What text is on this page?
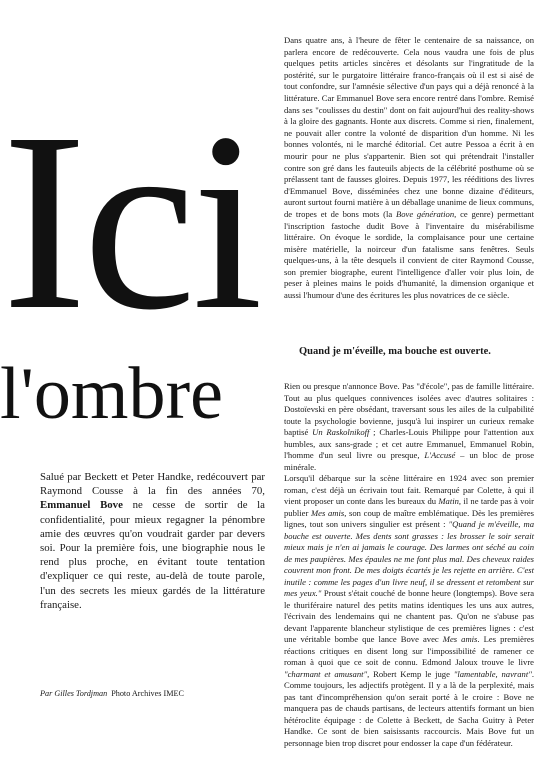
Ici
l'ombre

Dans quatre ans, à l'heure de fêter le centenaire de sa naissance, on parlera encore de redécouverte. Cela nous vaudra une fois de plus quelques petits articles sincères et désolants sur l'ingratitude de la postérité, sur le purgatoire littéraire franco-français où il est si aisé de tout confondre, sur l'amnésie sélective d'un pays qui a déjà renoncé à la littérature. Car Emmanuel Bove sera encore rentré dans l'ombre. Remisé dans ses "coulisses du destin" dont on fait aujourd'hui des reality-shows à la gloire des gagnants. Honte aux discrets. Comme si rien, finalement, ne pouvait aller contre la volonté de disparition d'un homme. Ni les bonnes volontés, ni le marché éditorial. Cet autre Pessoa a écrit à en mourir pour ne plus s'appartenir. Bien sot qui prétendrait l'installer contre son gré dans les fauteuils abjects de la célébrité posthume où se prélassent tant de fausses gloires. Depuis 1977, les rééditions des livres d'Emmanuel Bove, disséminées chez une bonne dizaine d'éditeurs, auront surtout fourni matière à un déballage unanime de lieux communs, de tropes et de bons mots (la Bove génération, ce genre) permettant l'inscription fastoche dudit Bove à l'inventaire du misérabilisme littéraire. On évoque le sordide, la complaisance pour une certaine misère matérielle, la noirceur d'un fatalisme sans fenêtres. Seuls quelques-uns, à la tête desquels il convient de citer Raymond Cousse, son premier biographe, eurent l'intelligence d'aller voir plus loin, de peser à pleines mains le poids d'humanité, la dimension organique et aussi l'humour d'une des écritures les plus novatrices de ce siècle.

Quand je m'éveille, ma bouche est ouverte.

Rien ou presque n'annonce Bove. Pas "d'école", pas de famille littéraire. Tout au plus quelques connivences isolées avec d'autres solitaires : Dostoïevski en père obsédant, traversant sous les ailes de la culpabilité toute la psychologie bovienne, jusqu'à lui inspirer un curieux remake baptisé Un Raskolnikoff ; Charles-Louis Philippe pour l'attention aux humbles, aux sans-grade ; et cet autre Emmanuel, Emmanuel Robin, l'homme d'un seul livre ou presque, L'Accusé – un bloc de prose minérale.

Lorsqu'il débarque sur la scène littéraire en 1924 avec son premier roman, c'est déjà un écrivain tout fait. Remarqué par Colette, à qui il vient proposer un conte dans les bureaux du Matin, il ne tarde pas à voir publier Mes amis, son coup de maître emblématique. Dès les premières lignes, tout son univers singulier est présent : "Quand je m'éveille, ma bouche est ouverte. Mes dents sont grasses : les brosser le soir serait mieux mais je n'en ai jamais le courage. Des larmes ont séché au coin de mes paupières. Mes épaules ne me font plus mal. Des cheveux raides couvrent mon front. De mes doigts écartés je les rejette en arrière. C'est inutile : comme les pages d'un livre neuf, il se dressent et retombent sur mes yeux." Proust s'était couché de bonne heure (longtemps). Bove sera le thuriféraire naturel des petits matins identiques les uns aux autres, l'écrivain des lendemains qui ne chantent pas. Qu'on ne s'abuse pas devant l'apparente blancheur stylistique de ces premières lignes : c'est une véritable bombe que lance Bove avec Mes amis. Les premières réactions critiques en disent long sur l'impossibilité de ramener ce roman à quoi que ce soit de connu. Edmond Jaloux trouve le livre "charmant et amusant", Robert Kemp le juge "lamentable, navrant". Comme toujours, les adjectifs protègent. Il y a là de la perplexité, mais pas tant d'incompréhension qu'on serait porté à le croire : Bove ne manquera pas de chauds partisans, de lecteurs attentifs formant un bien hétéroclite équipage : de Colette à Beckett, de Sacha Guitry à Peter Handke. Ce sont de bien saisissants raccourcis. Mais Bove fut un personnage bien trop discret pour endosser la cape d'un fédérateur.

Salué par Beckett et Peter Handke, redécouvert par Raymond Cousse à la fin des années 70, Emmanuel Bove ne cesse de sortir de la confidentialité, pour mieux regagner la pénombre amie des œuvres qu'on voudrait garder par devers soi. Pour la première fois, une biographie nous le rend plus proche, en évitant toute tentation d'expliquer ce qui reste, au-delà de toute parole, l'un des secrets les mieux gardés de la littérature française.
Par Gilles Tordjman Photo Archives IMEC
